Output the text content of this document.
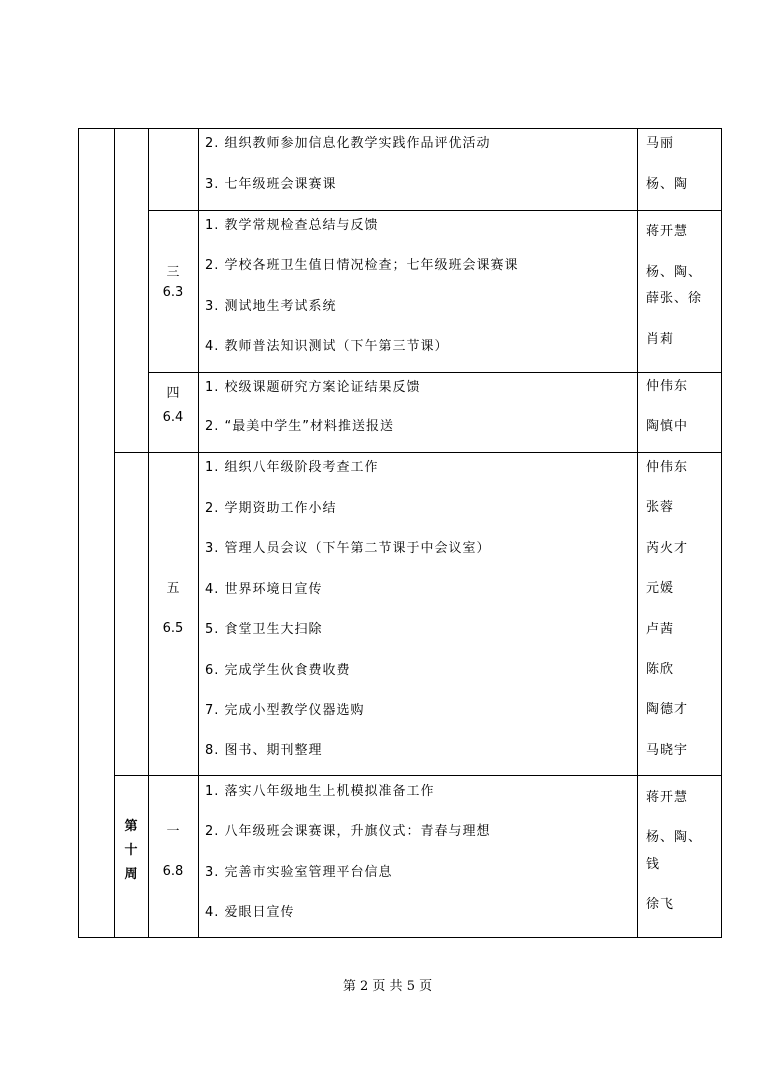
三
6.3
四
6.4
五
6.5
一
6.8
第
十
周
2. 组织教师参加信息化教学实践作品评优活动
3. 七年级班会课赛课
1. 教学常规检查总结与反馈
2. 学校各班卫生值日情况检查；七年级班会课赛课
3. 测试地生考试系统
4. 教师普法知识测试（下午第三节课）
1. 校级课题研究方案论证结果反馈
2. “最美中学生”材料推送报送
1. 组织八年级阶段考查工作
2. 学期资助工作小结
3. 管理人员会议（下午第二节课于中会议室）
4. 世界环境日宣传
5. 食堂卫生大扫除
6. 完成学生伙食费收费
7. 完成小型教学仪器选购
8. 图书、期刊整理
1. 落实八年级地生上机模拟准备工作
2. 八年级班会课赛课，升旗仪式：青春与理想
3. 完善市实验室管理平台信息
4. 爱眼日宣传
马丽
杨、陶
蒋开慧
杨、陶、
薛张、徐
肖莉
仲伟东
陶慎中
仲伟东
张蓉
芮火才
元媛
卢茜
陈欣
陶德才
马晓宇
蒋开慧
杨、陶、
钱
徐飞
第 2 页 共 5 页
